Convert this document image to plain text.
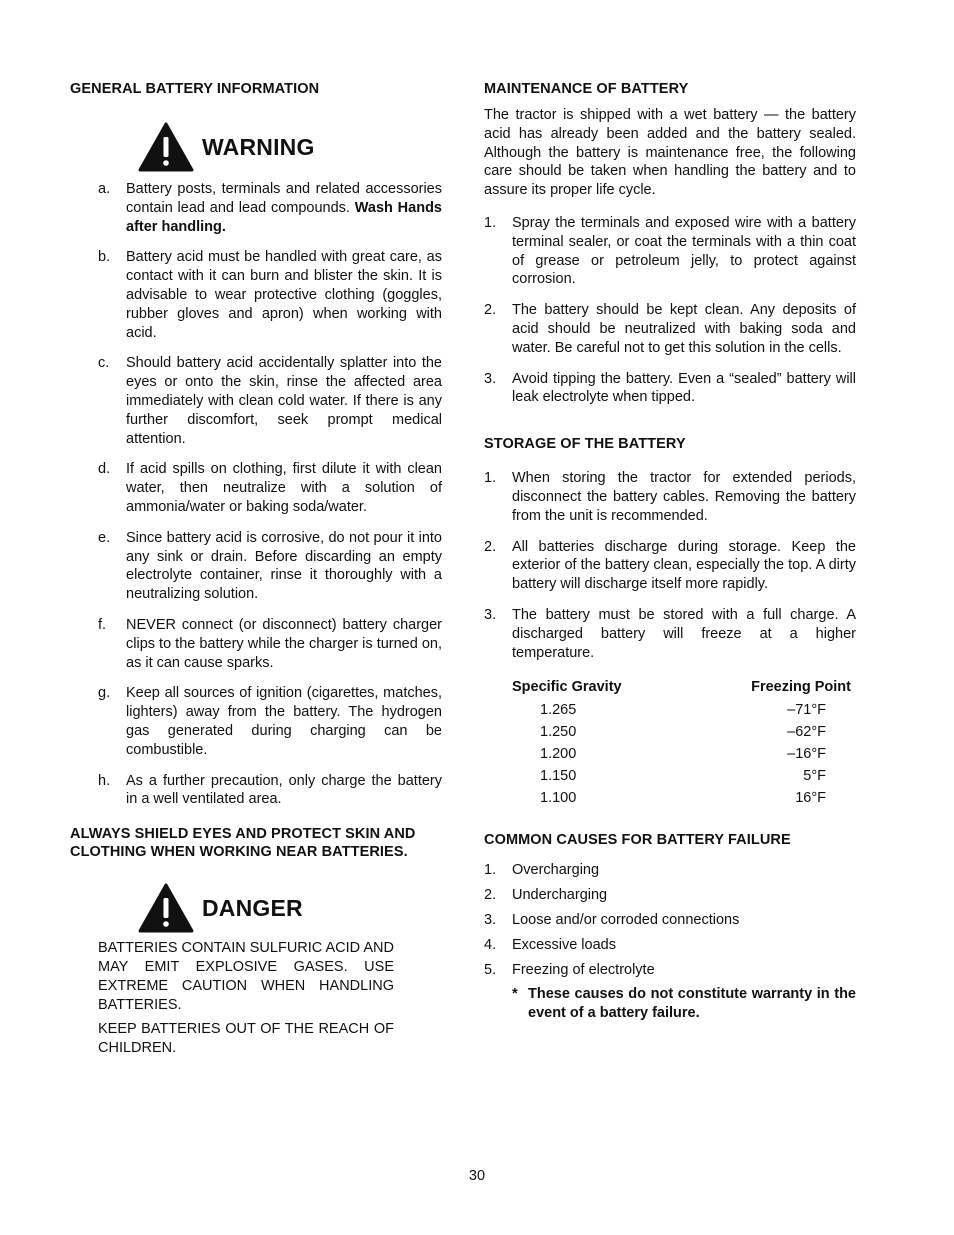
GENERAL BATTERY INFORMATION
WARNING
a. Battery posts, terminals and related accessories contain lead and lead compounds. Wash Hands after handling.
b. Battery acid must be handled with great care, as contact with it can burn and blister the skin. It is advisable to wear protective clothing (goggles, rubber gloves and apron) when working with acid.
c. Should battery acid accidentally splatter into the eyes or onto the skin, rinse the affected area immediately with clean cold water. If there is any further discomfort, seek prompt medical attention.
d. If acid spills on clothing, first dilute it with clean water, then neutralize with a solution of ammonia/water or baking soda/water.
e. Since battery acid is corrosive, do not pour it into any sink or drain. Before discarding an empty electrolyte container, rinse it thoroughly with a neutralizing solution.
f. NEVER connect (or disconnect) battery charger clips to the battery while the charger is turned on, as it can cause sparks.
g. Keep all sources of ignition (cigarettes, matches, lighters) away from the battery. The hydrogen gas generated during charging can be combustible.
h. As a further precaution, only charge the battery in a well ventilated area.
ALWAYS SHIELD EYES AND PROTECT SKIN AND CLOTHING WHEN WORKING NEAR BATTERIES.
DANGER

BATTERIES CONTAIN SULFURIC ACID AND MAY EMIT EXPLOSIVE GASES. USE EXTREME CAUTION WHEN HANDLING BATTERIES.

KEEP BATTERIES OUT OF THE REACH OF CHILDREN.

MAINTENANCE OF BATTERY

The tractor is shipped with a wet battery — the battery acid has already been added and the battery sealed. Although the battery is maintenance free, the following care should be taken when handling the battery and to assure its proper life cycle.

1. Spray the terminals and exposed wire with a battery terminal sealer, or coat the terminals with a thin coat of grease or petroleum jelly, to protect against corrosion.
2. The battery should be kept clean. Any deposits of acid should be neutralized with baking soda and water. Be careful not to get this solution in the cells.
3. Avoid tipping the battery. Even a “sealed” battery will leak electrolyte when tipped.
STORAGE OF THE BATTERY
1. When storing the tractor for extended periods, disconnect the battery cables. Removing the battery from the unit is recommended.
2. All batteries discharge during storage. Keep the exterior of the battery clean, especially the top. A dirty battery will discharge itself more rapidly.
3. The battery must be stored with a full charge. A discharged battery will freeze at a higher temperature.
Specific Gravity	Freezing Point
1.265	–71°F
1.250	–62°F
1.200	–16°F
1.150	5°F
1.100	16°F
COMMON CAUSES FOR BATTERY FAILURE
1. Overcharging
2. Undercharging
3. Loose and/or corroded connections
4. Excessive loads
5. Freezing of electrolyte
* These causes do not constitute warranty in the event of a battery failure.
30
